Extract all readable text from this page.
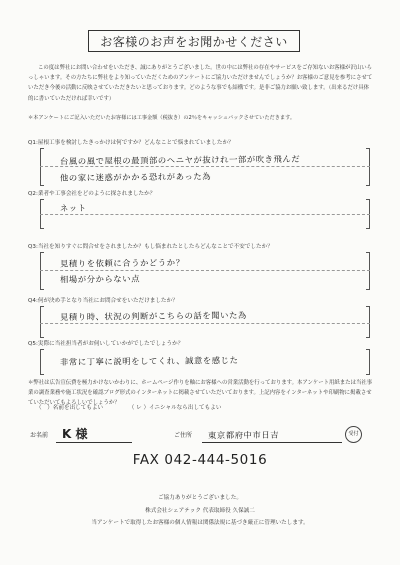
お客様のお声をお聞かせください

この度は弊社にお問い合わせをいただき、誠にありがとうございました。世の中には弊社の存在やサービスをご存知ないお客様が沢山いらっしゃいます。その方たちに弊社をより知っていただくためのアンケートにご協力いただけませんでしょうか？お客様のご意見を参考にさせていただき今後の活動に反映させていただきたいと思っております。どのような事でも結構です。是非ご協力お願い致します。（出来るだけ具体的に書いていただければ幸いです）

＊本アンケートにご記入いただいたお客様には工事金額（税抜き）の2％をキャッシュバックさせていただきます。
Q1:屋根工事を検討したきっかけは何ですか？どんなことで悩まれていましたか？
台風の風で屋根の最頂部のヘニヤが抜けれ一部が吹き飛んだ
他の家に迷惑がかかる恐れがあった為
Q2:業者や工事会社をどのように探されましたか？
ネット
Q3:当社を知りすぐに問合せをされましたか？もし悩まれたとしたらどんなことで不安でしたか？
見積りを依頼に合うかどうか？
相場が分からない点
Q4:何が決め手となり当社にお問合せをいただけましたか？
見積り時、状況の判断がこちらの話を聞いた為
Q5:実際に当社担当者がお伺いしていかがでしたでしょうか？
非常に丁寧に説明をしてくれ、誠意を感じた
＊弊社は広告宣伝費を極力かけないかわりに、ホームページ作りを軸にお客様への営業活動を行っております。本アンケート用紙または当社事業の調査業務や施工状況を確認ブログ形式のインターネットに掲載させていただいております。上記内容をインターネットや印刷物に掲載させていただいてもよろしいでしょうか？
（　）名前を出してもよい	（ レ ）イニシャルなら出してもよい
お名前 K 様	ご住所 東京都府中市日吉	受付
FAX 042-444-5016
ご協力ありがとうございました。
株式会社シェアテック 代表取締役 久保誠二
当アンケートで取得したお客様の個人情報は関係法規に基づき厳正に管理いたします。
